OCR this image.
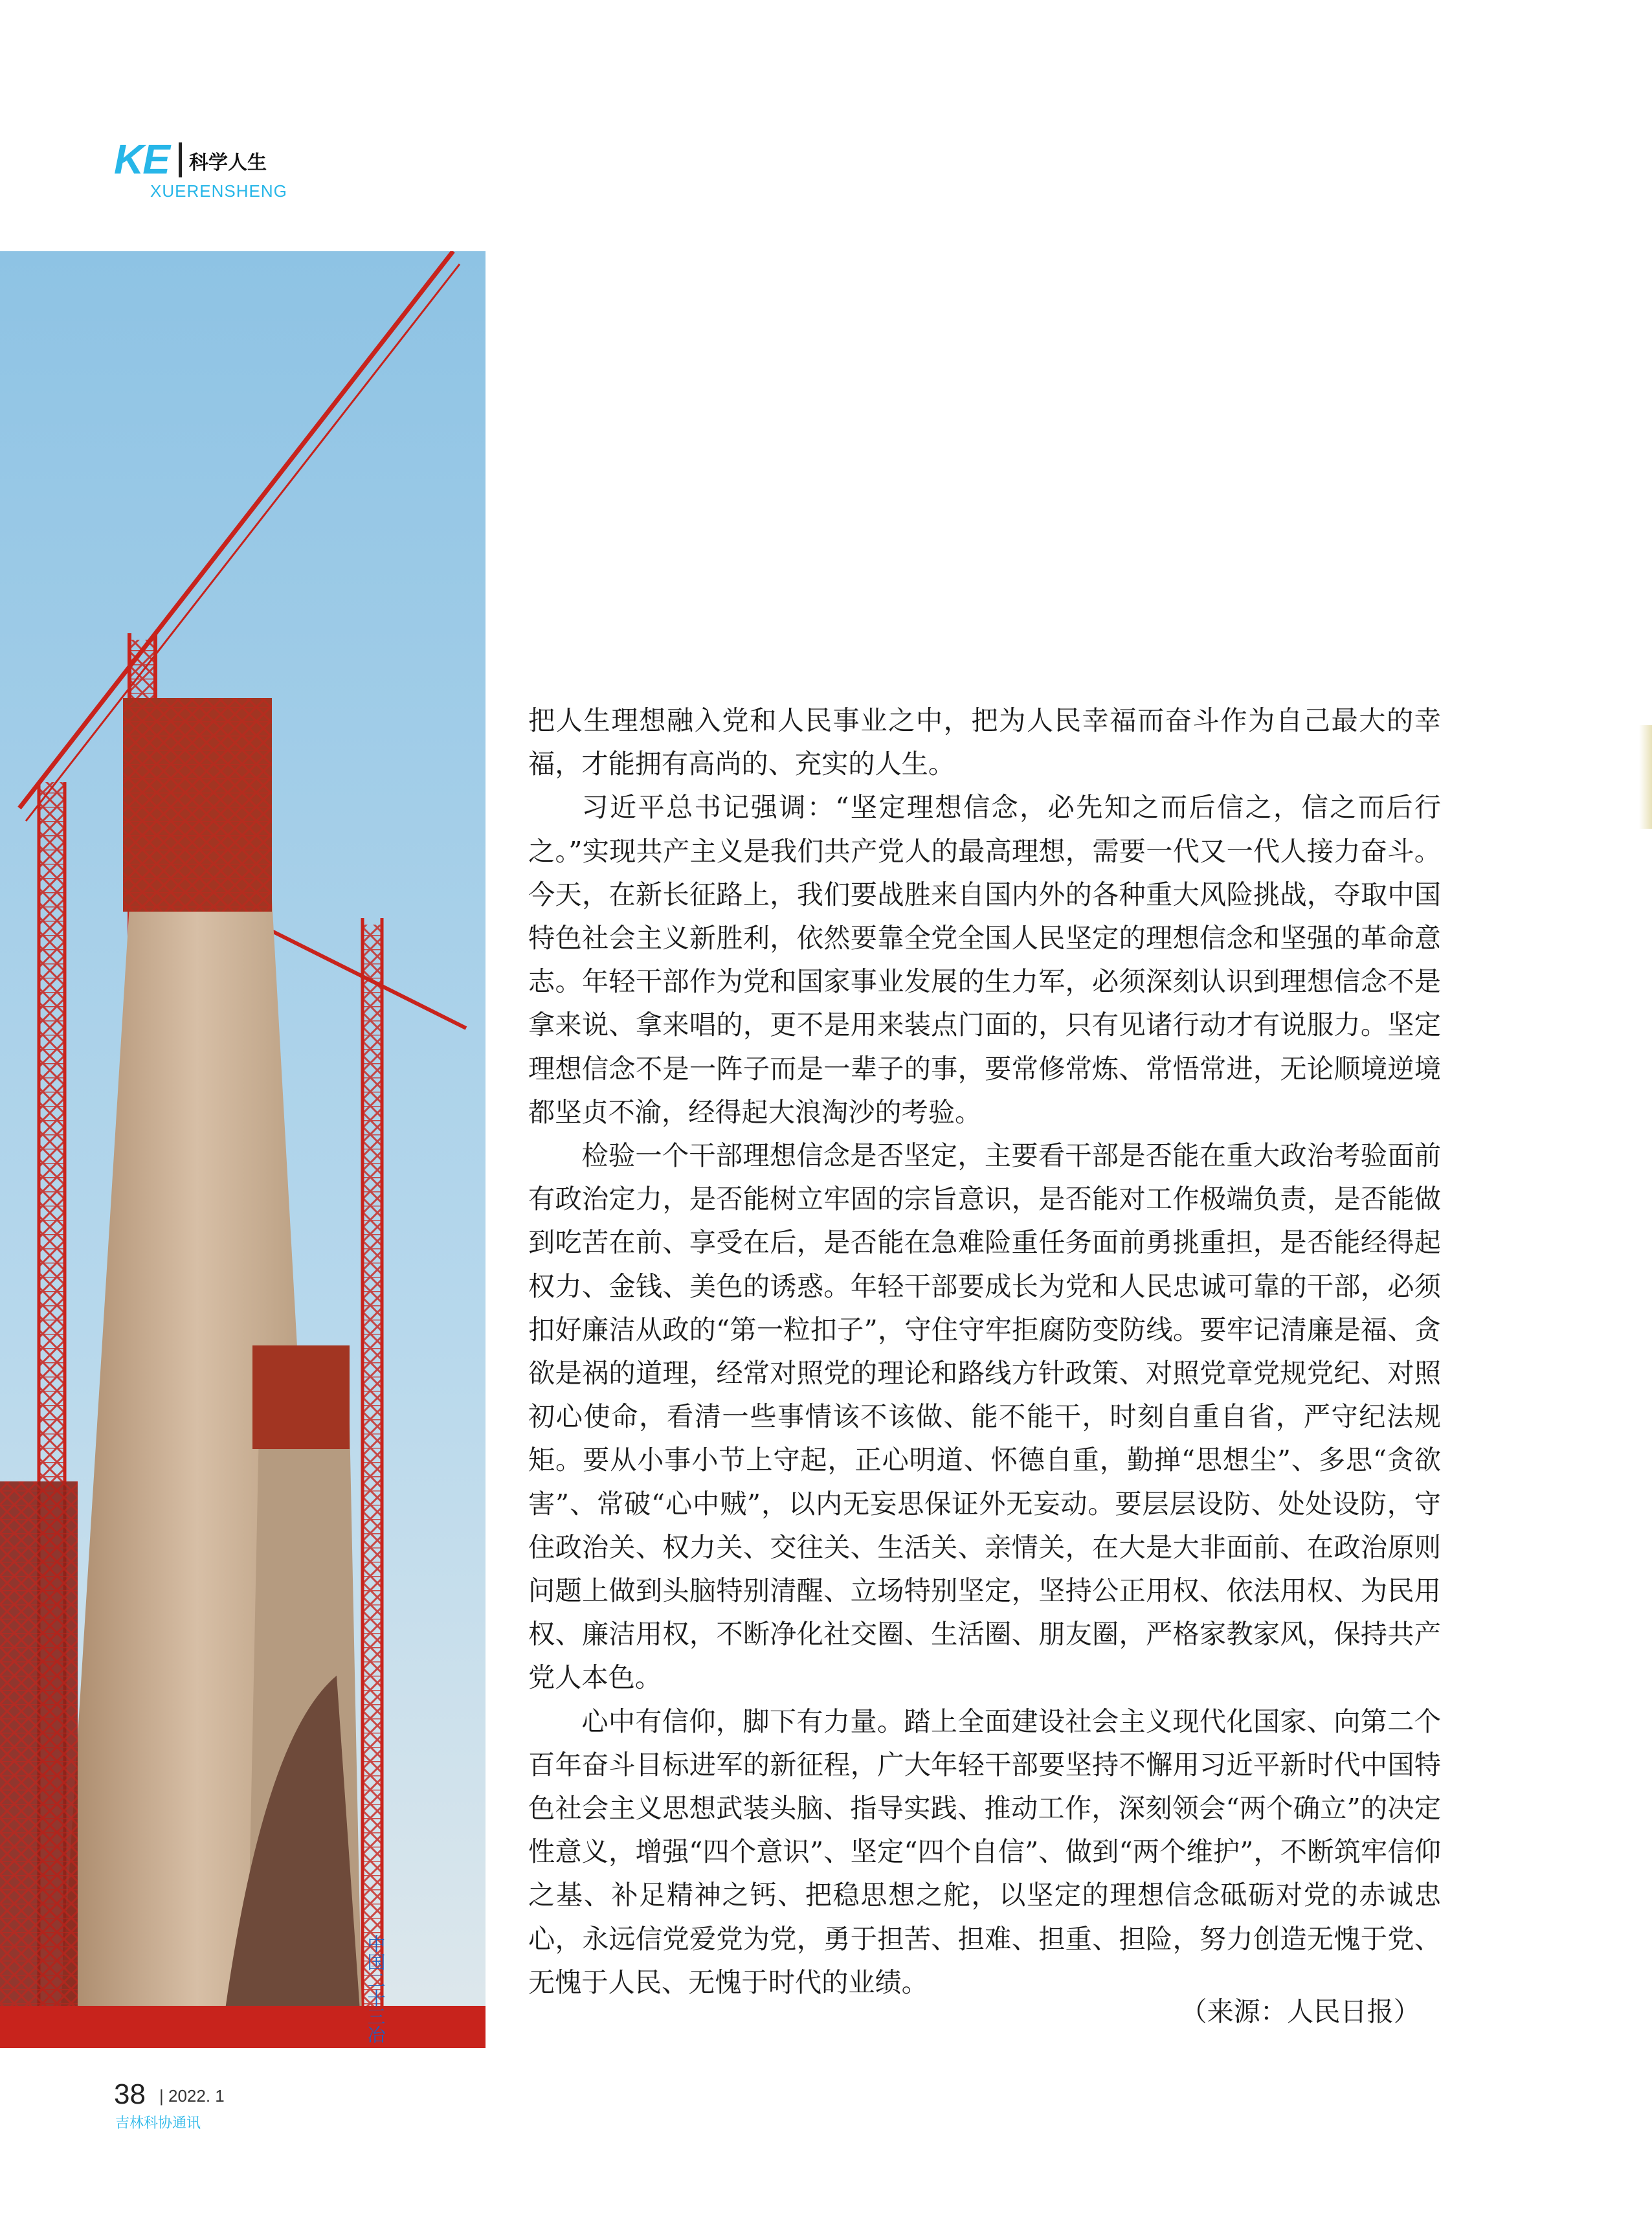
KE 科学人生
XUERENSHENG
中国二十三冶

把人生理想融入党和人民事业之中，把为人民幸福而奋斗作为自己最大的幸福，才能拥有高尚的、充实的人生。

习近平总书记强调：“坚定理想信念，必先知之而后信之，信之而后行之。”实现共产主义是我们共产党人的最高理想，需要一代又一代人接力奋斗。今天，在新长征路上，我们要战胜来自国内外的各种重大风险挑战，夺取中国特色社会主义新胜利，依然要靠全党全国人民坚定的理想信念和坚强的革命意志。年轻干部作为党和国家事业发展的生力军，必须深刻认识到理想信念不是拿来说、拿来唱的，更不是用来装点门面的，只有见诸行动才有说服力。坚定理想信念不是一阵子而是一辈子的事，要常修常炼、常悟常进，无论顺境逆境都坚贞不渝，经得起大浪淘沙的考验。

检验一个干部理想信念是否坚定，主要看干部是否能在重大政治考验面前有政治定力，是否能树立牢固的宗旨意识，是否能对工作极端负责，是否能做到吃苦在前、享受在后，是否能在急难险重任务面前勇挑重担，是否能经得起权力、金钱、美色的诱惑。年轻干部要成长为党和人民忠诚可靠的干部，必须扣好廉洁从政的“第一粒扣子”，守住守牢拒腐防变防线。要牢记清廉是福、贪欲是祸的道理，经常对照党的理论和路线方针政策、对照党章党规党纪、对照初心使命，看清一些事情该不该做、能不能干，时刻自重自省，严守纪法规矩。要从小事小节上守起，正心明道、怀德自重，勤掸“思想尘”、多思“贪欲害”、常破“心中贼”，以内无妄思保证外无妄动。要层层设防、处处设防，守住政治关、权力关、交往关、生活关、亲情关，在大是大非面前、在政治原则问题上做到头脑特别清醒、立场特别坚定，坚持公正用权、依法用权、为民用权、廉洁用权，不断净化社交圈、生活圈、朋友圈，严格家教家风，保持共产党人本色。

心中有信仰，脚下有力量。踏上全面建设社会主义现代化国家、向第二个百年奋斗目标进军的新征程，广大年轻干部要坚持不懈用习近平新时代中国特色社会主义思想武装头脑、指导实践、推动工作，深刻领会“两个确立”的决定性意义，增强“四个意识”、坚定“四个自信”、做到“两个维护”，不断筑牢信仰之基、补足精神之钙、把稳思想之舵，以坚定的理想信念砥砺对党的赤诚忠心，永远信党爱党为党，勇于担苦、担难、担重、担险，努力创造无愧于党、无愧于人民、无愧于时代的业绩。

（来源：人民日报）
38 | 2022. 1
吉林科协通讯
